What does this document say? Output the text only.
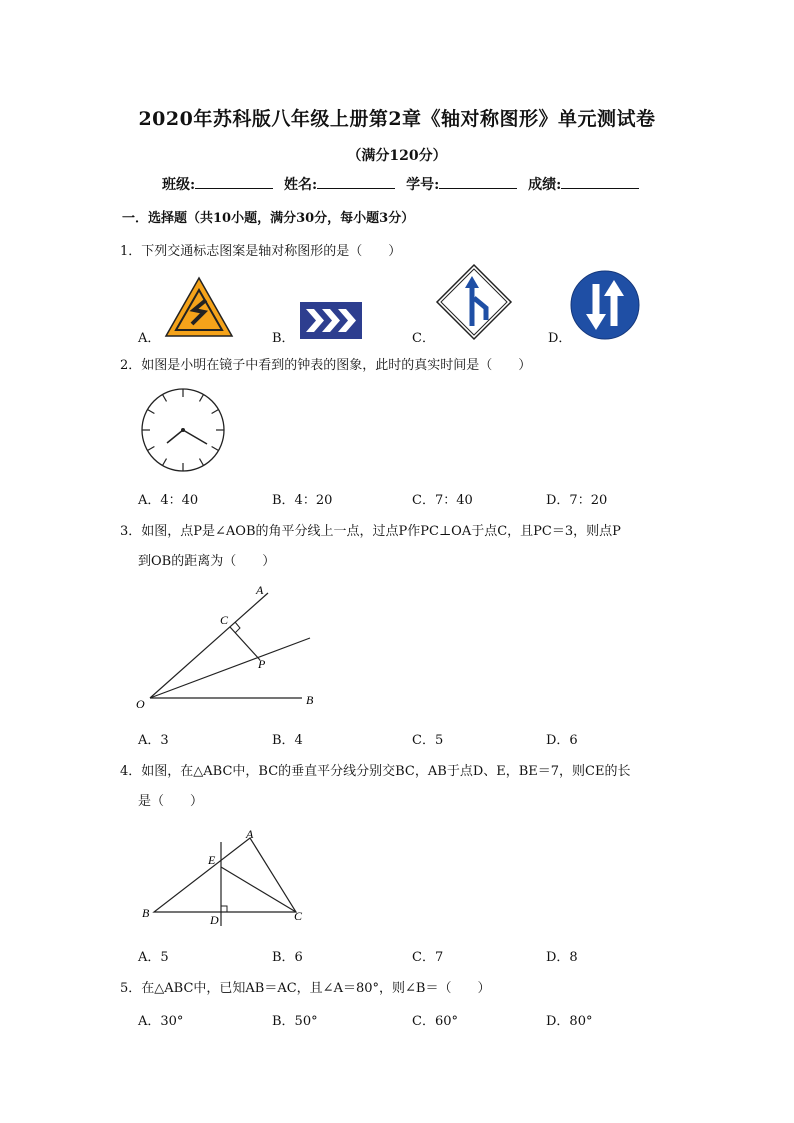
2020年苏科版八年级上册第2章《轴对称图形》单元测试卷
（满分120分）
班级:	姓名:	学号:	成绩:
一．选择题（共10小题，满分30分，每小题3分）
1．下列交通标志图案是轴对称图形的是（　　）
A．	B．	C．	D．
2．如图是小明在镜子中看到的钟表的图象，此时的真实时间是（　　）
A．4：40	B．4：20	C．7：40	D．7：20
3．如图，点P是∠AOB的角平分线上一点，过点P作PC⊥OA于点C，且PC＝3，则点P
到OB的距离为（　　）
A
C
P
O	B
A．3	B．4	C．5	D．6
4．如图，在△ABC中，BC的垂直平分线分别交BC，AB于点D、E，BE＝7，则CE的长
是（　　）
A
E
B	D	C
A．5	B．6	C．7	D．8
5．在△ABC中，已知AB＝AC，且∠A＝80°，则∠B＝（　　）
A．30°	B．50°	C．60°	D．80°
